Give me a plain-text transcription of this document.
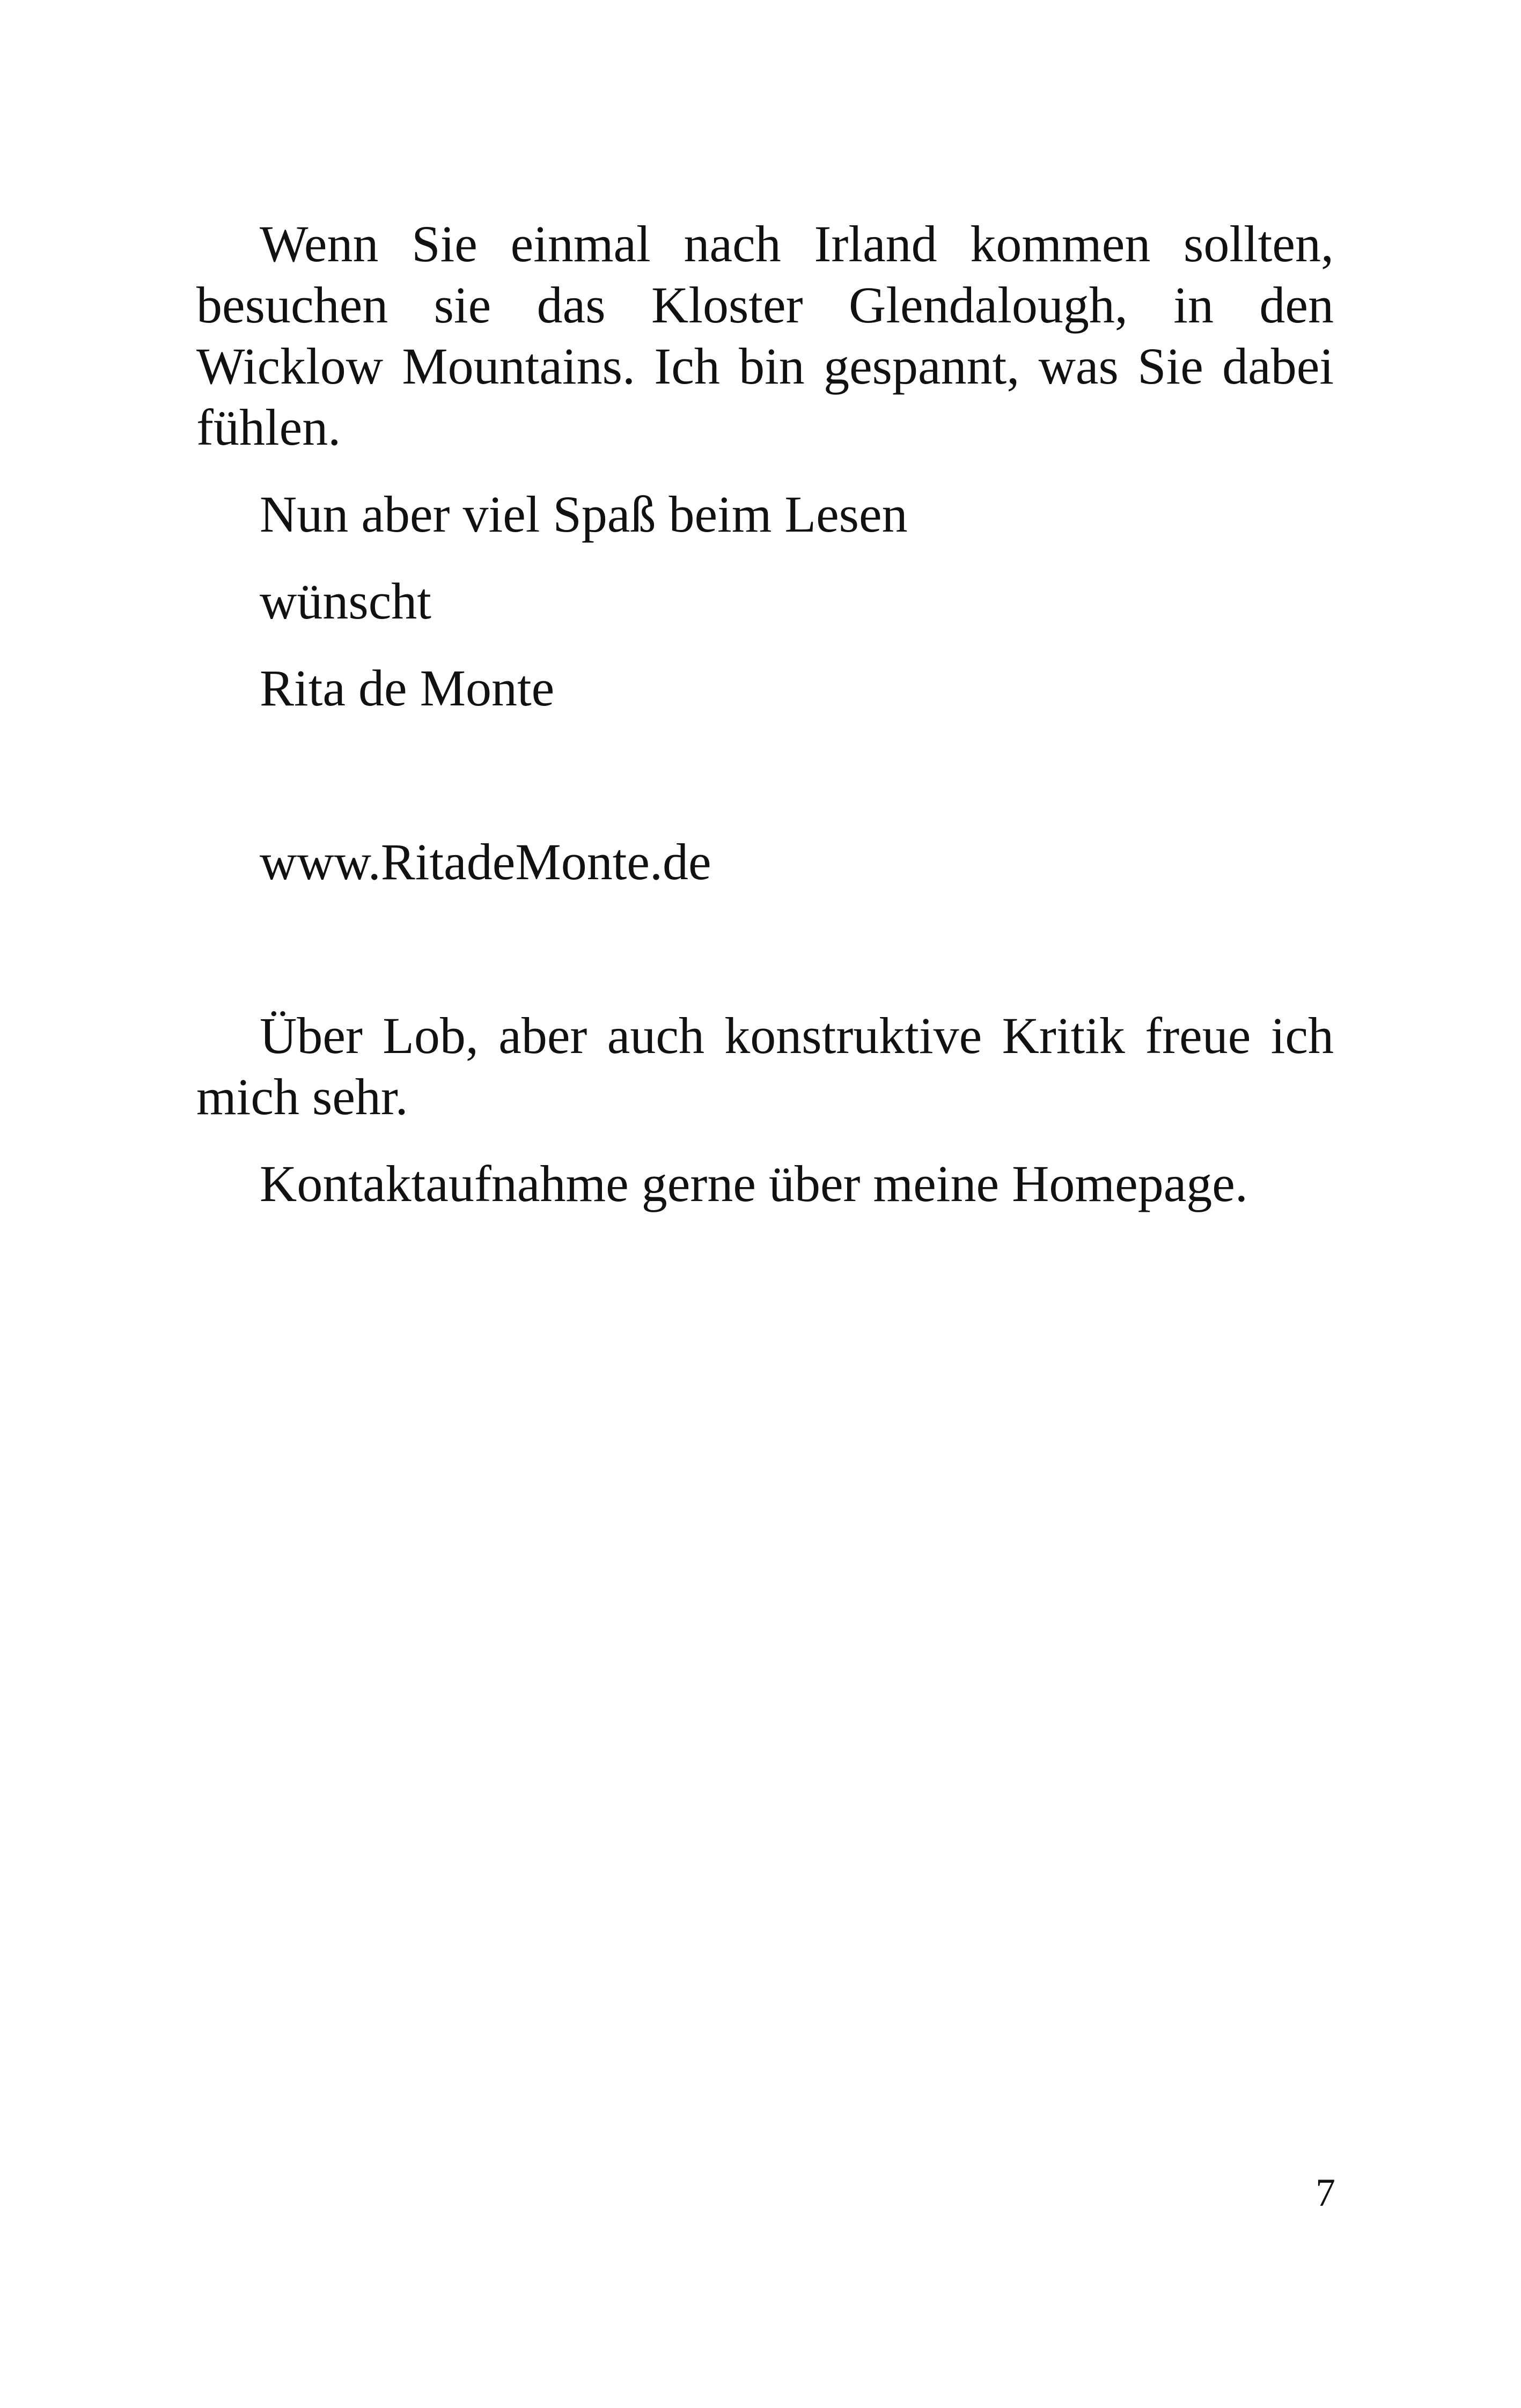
Wenn Sie einmal nach Irland kommen sollten, besuchen sie das Kloster Glendalough, in den Wicklow Mountains. Ich bin gespannt, was Sie dabei fühlen.

Nun aber viel Spaß beim Lesen

wünscht

Rita de Monte

www.RitadeMonte.de

Über Lob, aber auch konstruktive Kritik freue ich mich sehr.

Kontaktaufnahme gerne über meine Homepage.

7
